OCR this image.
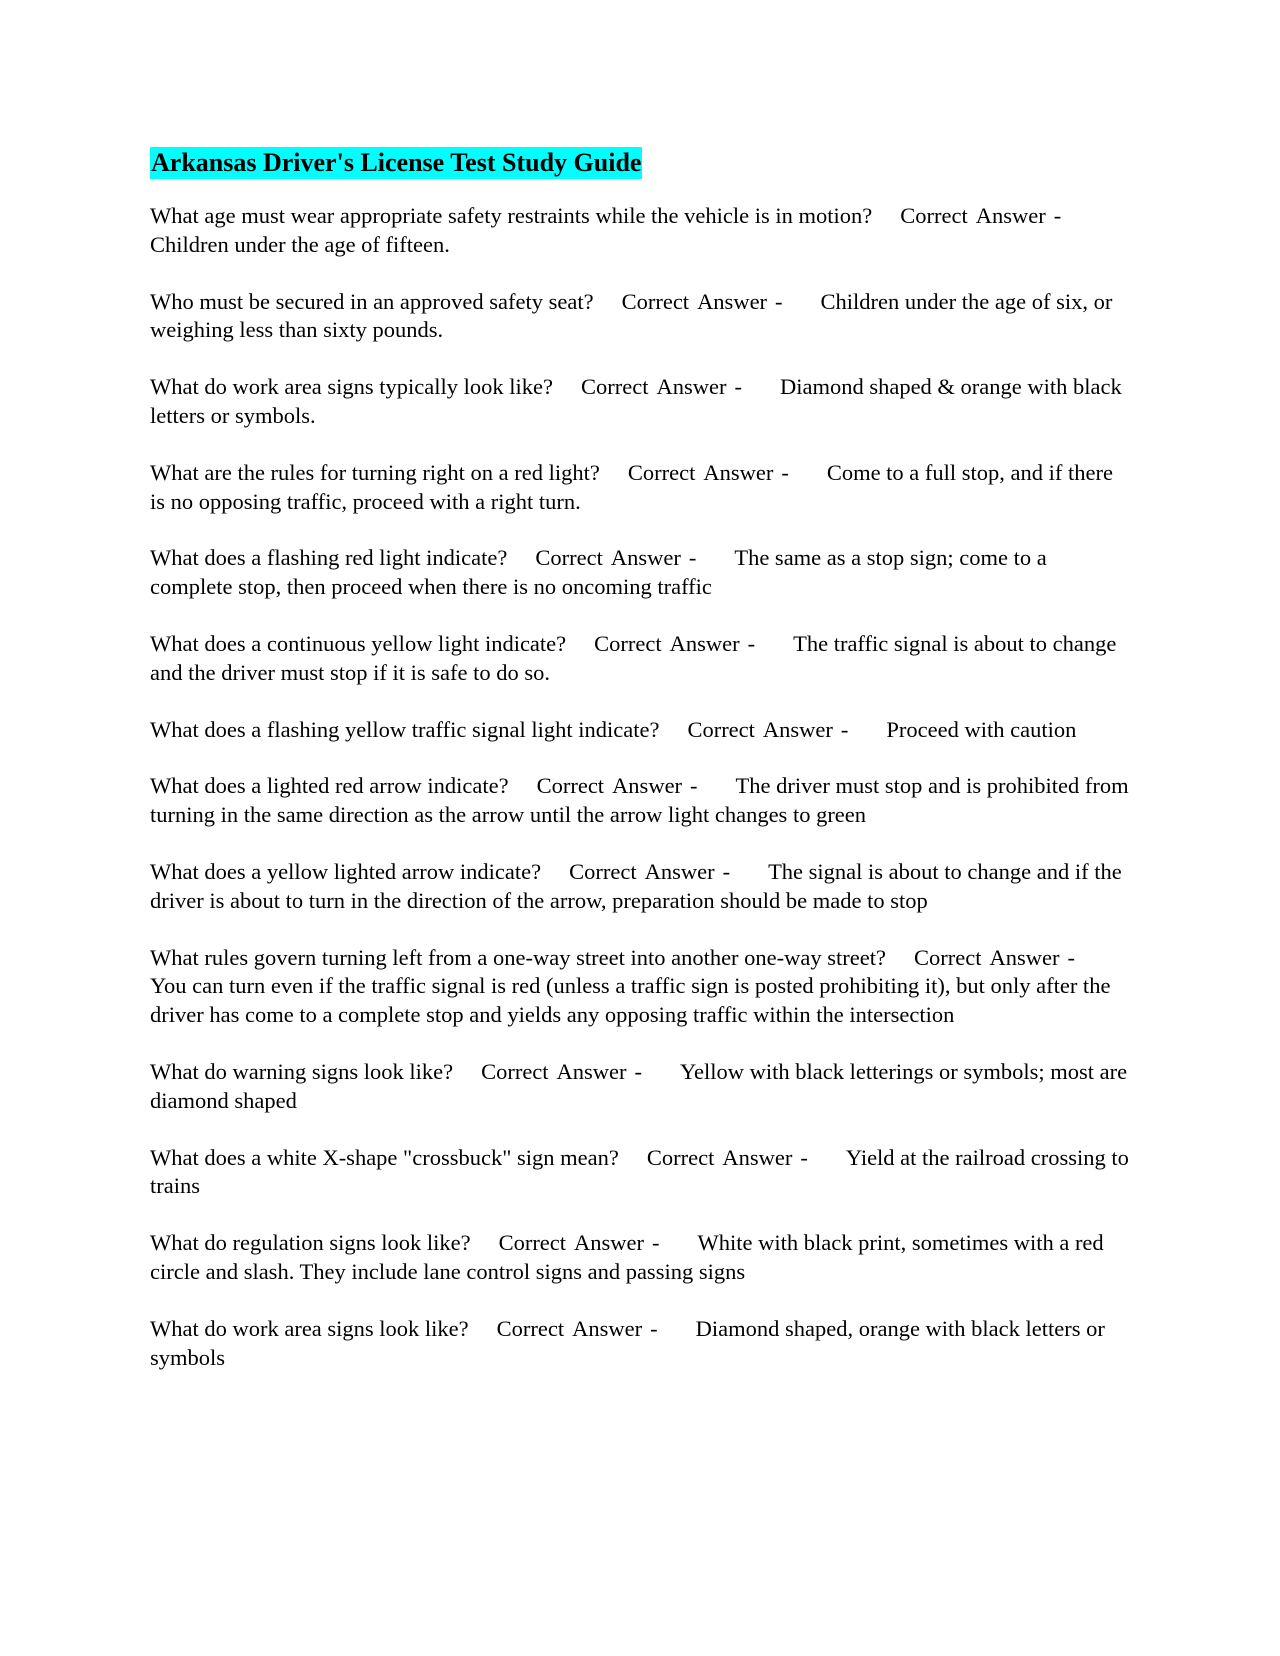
Arkansas Driver's License Test Study Guide
What age must wear appropriate safety restraints while the vehicle is in motion? Correct Answer -Children under the age of fifteen.
Who must be secured in an approved safety seat? Correct Answer - Children under the age of six, or weighing less than sixty pounds.
What do work area signs typically look like? Correct Answer - Diamond shaped & orange with black letters or symbols.
What are the rules for turning right on a red light? Correct Answer - Come to a full stop, and if there is no opposing traffic, proceed with a right turn.
What does a flashing red light indicate? Correct Answer - The same as a stop sign; come to a complete stop, then proceed when there is no oncoming traffic
What does a continuous yellow light indicate? Correct Answer - The traffic signal is about to change and the driver must stop if it is safe to do so.
What does a flashing yellow traffic signal light indicate? Correct Answer - Proceed with caution
What does a lighted red arrow indicate? Correct Answer - The driver must stop and is prohibited from turning in the same direction as the arrow until the arrow light changes to green
What does a yellow lighted arrow indicate? Correct Answer - The signal is about to change and if the driver is about to turn in the direction of the arrow, preparation should be made to stop
What rules govern turning left from a one-way street into another one-way street? Correct Answer -You can turn even if the traffic signal is red (unless a traffic sign is posted prohibiting it), but only after the driver has come to a complete stop and yields any opposing traffic within the intersection
What do warning signs look like? Correct Answer - Yellow with black letterings or symbols; most are diamond shaped
What does a white X-shape "crossbuck" sign mean? Correct Answer - Yield at the railroad crossing to trains
What do regulation signs look like? Correct Answer - White with black print, sometimes with a red circle and slash. They include lane control signs and passing signs
What do work area signs look like? Correct Answer - Diamond shaped, orange with black letters or symbols
